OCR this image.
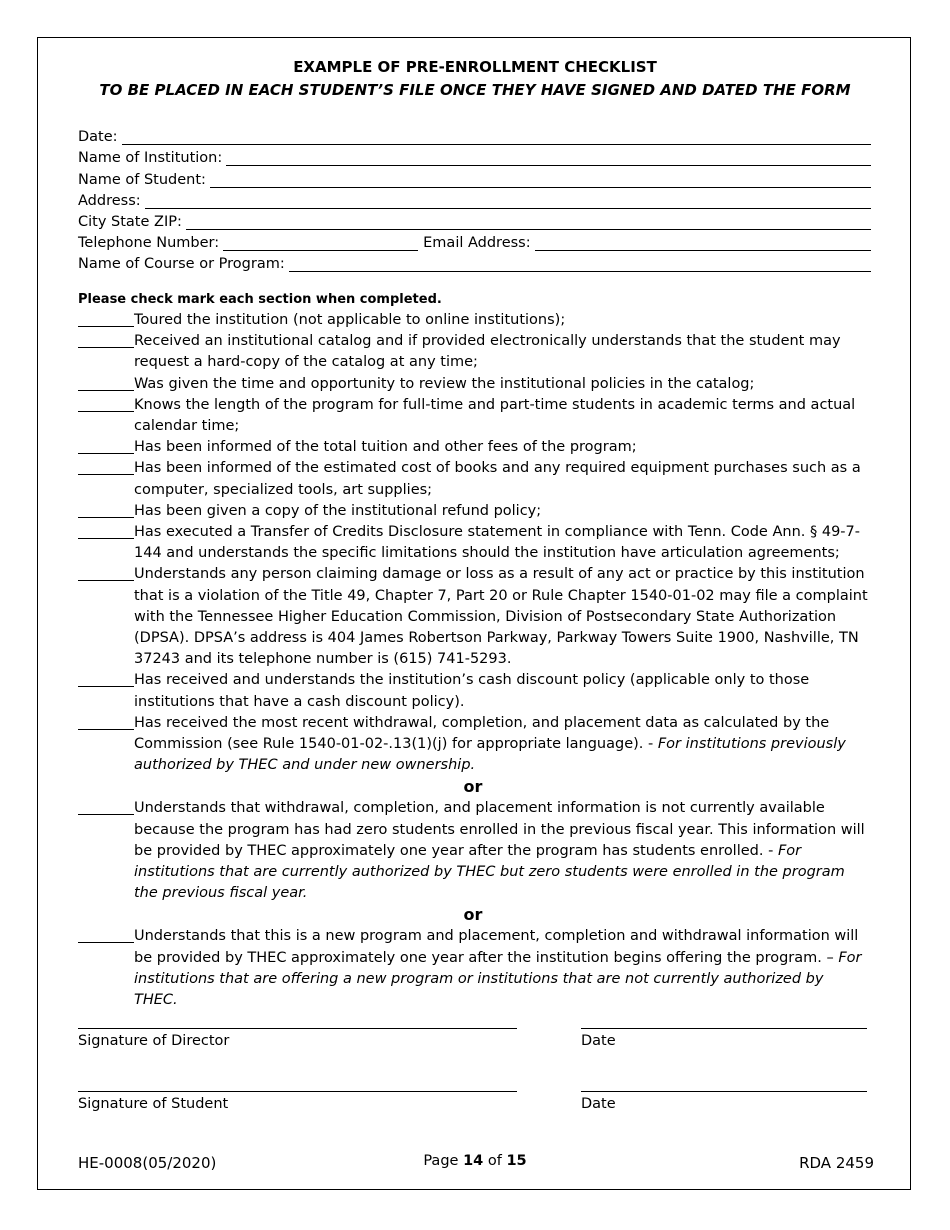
EXAMPLE OF PRE-ENROLLMENT CHECKLIST
TO BE PLACED IN EACH STUDENT’S FILE ONCE THEY HAVE SIGNED AND DATED THE FORM
Date:
Name of Institution:
Name of Student:
Address:
City State ZIP:
Telephone Number:	Email Address:
Name of Course or Program:
Please check mark each section when completed.
Toured the institution (not applicable to online institutions);
Received an institutional catalog and if provided electronically understands that the student may request a hard-copy of the catalog at any time;
Was given the time and opportunity to review the institutional policies in the catalog;
Knows the length of the program for full-time and part-time students in academic terms and actual calendar time;
Has been informed of the total tuition and other fees of the program;
Has been informed of the estimated cost of books and any required equipment purchases such as a computer, specialized tools, art supplies;
Has been given a copy of the institutional refund policy;
Has executed a Transfer of Credits Disclosure statement in compliance with Tenn. Code Ann. § 49-7-144 and understands the specific limitations should the institution have articulation agreements;
Understands any person claiming damage or loss as a result of any act or practice by this institution that is a violation of the Title 49, Chapter 7, Part 20 or Rule Chapter 1540-01-02 may file a complaint with the Tennessee Higher Education Commission, Division of Postsecondary State Authorization (DPSA). DPSA’s address is 404 James Robertson Parkway, Parkway Towers Suite 1900, Nashville, TN 37243 and its telephone number is (615) 741-5293.
Has received and understands the institution’s cash discount policy (applicable only to those institutions that have a cash discount policy).
Has received the most recent withdrawal, completion, and placement data as calculated by the Commission (see Rule 1540-01-02-.13(1)(j) for appropriate language). - For institutions previously authorized by THEC and under new ownership.
or
Understands that withdrawal, completion, and placement information is not currently available because the program has had zero students enrolled in the previous fiscal year. This information will be provided by THEC approximately one year after the program has students enrolled. - For institutions that are currently authorized by THEC but zero students were enrolled in the program the previous fiscal year.
or
Understands that this is a new program and placement, completion and withdrawal information will be provided by THEC approximately one year after the institution begins offering the program. – For institutions that are offering a new program or institutions that are not currently authorized by THEC.
Signature of Director	Date
Signature of Student	Date
HE-0008(05/2020)	Page 14 of 15	RDA 2459
